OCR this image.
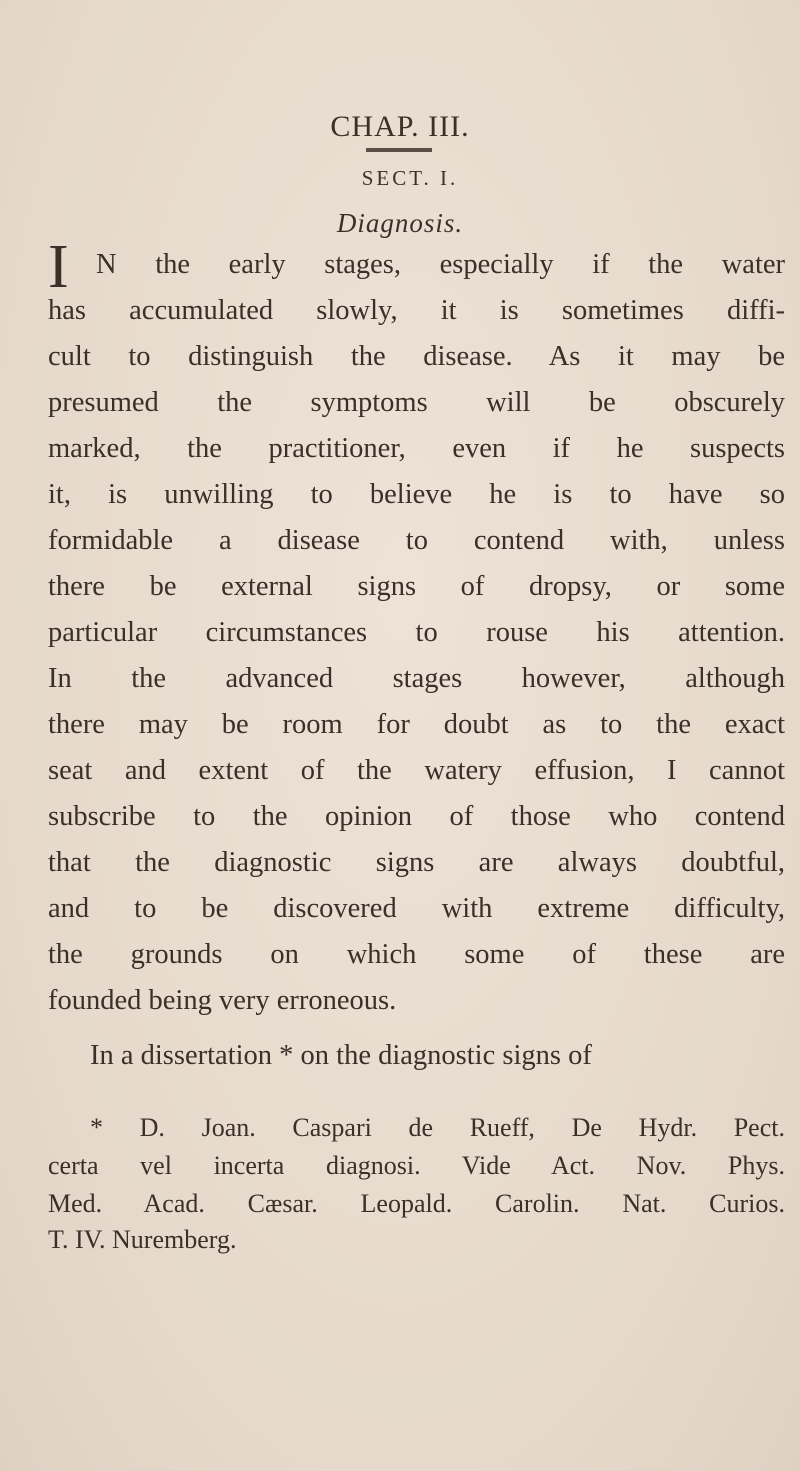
CHAP. III.
SECT. I.
Diagnosis.
I N the early stages, especially if the water
has accumulated slowly, it is sometimes diffi-
cult to distinguish the disease. As it may be
presumed the symptoms will be obscurely
marked, the practitioner, even if he suspects
it, is unwilling to believe he is to have so
formidable a disease to contend with, unless
there be external signs of dropsy, or some
particular circumstances to rouse his attention.
In the advanced stages however, although
there may be room for doubt as to the exact
seat and extent of the watery effusion, I cannot
subscribe to the opinion of those who contend
that the diagnostic signs are always doubtful,
and to be discovered with extreme difficulty,
the grounds on which some of these are
founded being very erroneous.
In a dissertation * on the diagnostic signs of
* D. Joan. Caspari de Rueff, De Hydr. Pect.
certa vel incerta diagnosi. Vide Act. Nov. Phys.
Med. Acad. Cæsar. Leopald. Carolin. Nat. Curios.
T. IV. Nuremberg.
